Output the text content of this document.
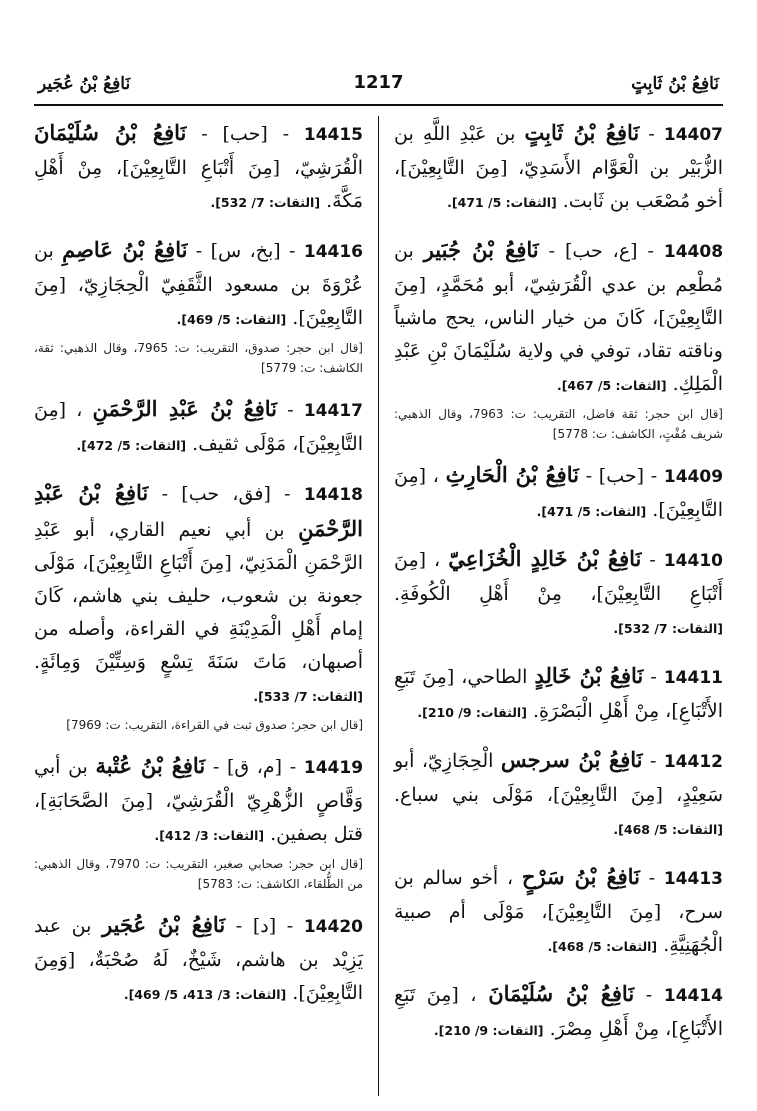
نَافِعُ بْنُ ثَابِتٍ
1217
نَافِعُ بْنُ عُجَير
14407 - نَافِعُ بْنُ ثَابِتٍ بن عَبْدِ اللَّهِ بن الزُّبَيْر بن الْعَوَّام الأَسَدِيّ، [مِنَ التَّابِعِيْنَ]، أخو مُصْعَب بن ثَابت. [الثقات: 5/ 471].
14408 - [ع، حب] - نَافِعُ بْنُ جُبَير بن مُطْعِم بن عدي الْقُرَشِيّ، أبو مُحَمَّدٍ، [مِنَ التَّابِعِيْنَ]، كَانَ من خيار الناس، يحج ماشياً وناقته تقاد، توفي في ولاية سُلَيْمَانَ بْنِ عَبْدِ الْمَلِكِ. [الثقات: 5/ 467].
[قال ابن حجر: ثقة فاضل، التقريب: ت: 7963، وقال الذهبي: شريف مُفْتٍ، الكاشف: ت: 5778]
14409 - [حب] - نَافِعُ بْنُ الْحَارِثِ ، [مِنَ التَّابِعِيْنَ]. [الثقات: 5/ 471].
14410 - نَافِعُ بْنُ خَالِدٍ الْخُزَاعِيّ ، [مِنَ أَتْبَاعِ التَّابِعِيْنَ]، مِنْ أَهْلِ الْكُوفَةِ. [الثقات: 7/ 532].
14411 - نَافِعُ بْنُ خَالِدٍ الطاحي، [مِنَ تَبَعِ الأَتْبَاعِ]، مِنْ أَهْلِ الْبَصْرَةِ. [الثقات: 9/ 210].
14412 - نَافِعُ بْنُ سرجس الْحِجَازِيّ، أبو سَعِيْدٍ، [مِنَ التَّابِعِيْنَ]، مَوْلَى بني سباع. [الثقات: 5/ 468].
14413 - نَافِعُ بْنُ سَرْحٍ ، أخو سالم بن سرح، [مِنَ التَّابِعِيْنَ]، مَوْلَى أم صبية الْجُهَنِيَّةِ. [الثقات: 5/ 468].
14414 - نَافِعُ بْنُ سُلَيْمَانَ ، [مِنَ تَبَعِ الأَتْبَاعِ]، مِنْ أَهْلِ مِصْرَ. [الثقات: 9/ 210].
14415 - [حب] - نَافِعُ بْنُ سُلَيْمَانَ الْقُرَشِيّ، [مِنَ أَتْبَاعِ التَّابِعِيْنَ]، مِنْ أَهْلِ مَكَّةَ. [الثقات: 7/ 532].
14416 - [بخ، س] - نَافِعُ بْنُ عَاصِمِ بن عُرْوَةَ بن مسعود الثَّقَفِيّ الْحِجَازِيّ، [مِنَ التَّابِعِيْنَ]. [الثقات: 5/ 469].
[قال ابن حجر: صدوق، التقريب: ت: 7965، وقال الذهبي: ثقة، الكاشف: ت: 5779]
14417 - نَافِعُ بْنُ عَبْدِ الرَّحْمَنِ ، [مِنَ التَّابِعِيْنَ]، مَوْلَى ثقيف. [الثقات: 5/ 472].
14418 - [فق، حب] - نَافِعُ بْنُ عَبْدِ الرَّحْمَنِ بن أبي نعيم القاري، أبو عَبْدِ الرَّحْمَنِ الْمَدَنِيّ، [مِنَ أَتْبَاعِ التَّابِعِيْنَ]، مَوْلَى جعونة بن شعوب، حليف بني هاشم، كَانَ إمام أَهْلِ الْمَدِيْنَةِ في القراءة، وأصله من أصبهان، مَاتَ سَنَةَ تِسْعٍ وَسِتِّيْنَ وَمِائَةٍ. [الثقات: 7/ 533].
[قال ابن حجر: صدوق ثبت في القراءة، التقريب: ت: 7969]
14419 - [م، ق] - نَافِعُ بْنُ عُتْبة بن أبي وَقَّاصٍ الزُّهْرِيّ الْقُرَشِيّ، [مِنَ الصَّحَابَةِ]، قتل بصفين. [الثقات: 3/ 412].
[قال ابن حجر: صحابي صغير، التقريب: ت: 7970، وقال الذهبي: من الطُّلقاء، الكاشف: ت: 5783]
14420 - [د] - نَافِعُ بْنُ عُجَير بن عبد يَزِيْد بن هاشم، شَيْخٌ، لَهُ صُحْبَةٌ، [وَمِنَ التَّابِعِيْنَ]. [الثقات: 3/ 413، 5/ 469].
